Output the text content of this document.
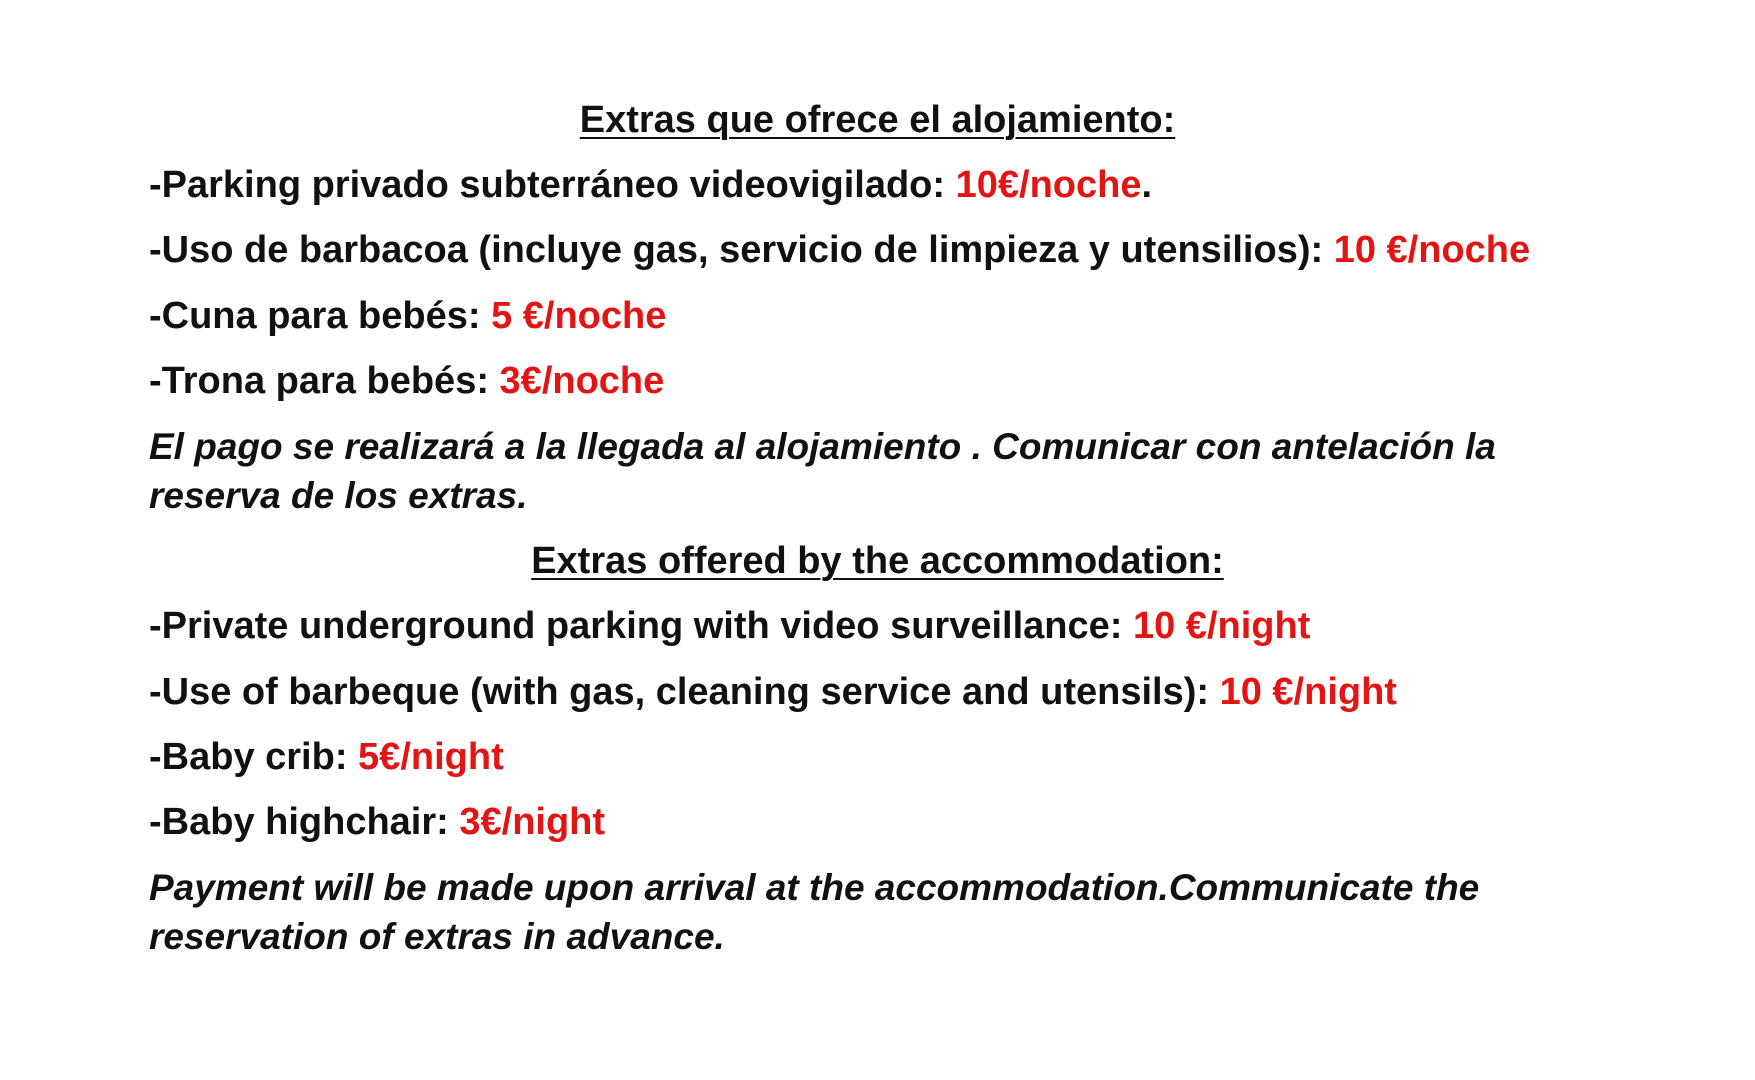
Extras que ofrece el alojamiento:
-Parking privado subterráneo videovigilado: 10€/noche.
-Uso de barbacoa (incluye gas, servicio de limpieza y utensilios): 10 €/noche
-Cuna para bebés: 5 €/noche
-Trona para bebés: 3€/noche
El pago se realizará a la llegada al alojamiento . Comunicar con antelación la reserva de los extras.
Extras offered by the accommodation:
-Private underground parking with video surveillance: 10 €/night
-Use of barbeque (with gas, cleaning service and utensils): 10 €/night
-Baby crib: 5€/night
-Baby highchair: 3€/night
Payment will be made upon arrival at the accommodation.Communicate the reservation of extras in advance.
